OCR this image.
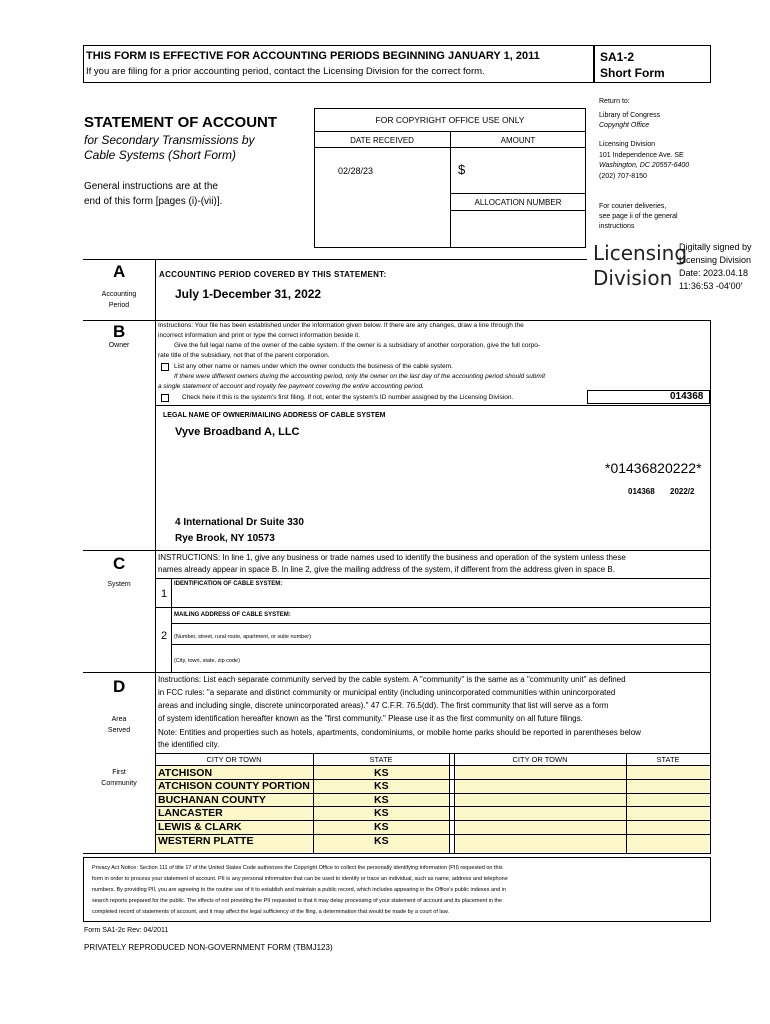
THIS FORM IS EFFECTIVE FOR ACCOUNTING PERIODS BEGINNING JANUARY 1, 2011
If you are filing for a prior accounting period, contact the Licensing Division for the correct form.
SA1-2
Short Form
STATEMENT OF ACCOUNT
for Secondary Transmissions by
Cable Systems (Short Form)
General instructions are at the
end of this form [pages (i)-(vii)].
FOR COPYRIGHT OFFICE USE ONLY
DATE RECEIVED	AMOUNT
02/28/23	$
ALLOCATION NUMBER
Return to:
Library of Congress
Copyright Office
Licensing Division
101 Independence Ave. SE
Washington, DC 20557-6400
(202) 707-8150
For courier deliveries,
see page ii of the general
instructions
Licensing
Division
Digitally signed by
Licensing Division
Date: 2023.04.18
11:36:53 -04'00'
A
Accounting
Period
ACCOUNTING PERIOD COVERED BY THIS STATEMENT:
July 1-December 31, 2022
B
Owner
Instructions: Your file has been established under the information given below. If there are any changes, draw a line through the
incorrect information and print or type the correct information beside it.
Give the full legal name of the owner of the cable system. If the owner is a subsidiary of another corporation, give the full corpo-
rate title of the subsidiary, not that of the parent corporation.
List any other name or names under which the owner conducts the business of the cable system.
If there were different owners during the accounting period, only the owner on the last day of the accounting period should submit
a single statement of account and royalty fee payment covering the entire accounting period.
Check here if this is the system's first filing. If not, enter the system's ID number assigned by the Licensing Division.	014368
LEGAL NAME OF OWNER/MAILING ADDRESS OF CABLE SYSTEM
Vyve Broadband A, LLC
*01436820222*
014368 2022/2
4 International Dr Suite 330
Rye Brook, NY 10573
C
System
INSTRUCTIONS: In line 1, give any business or trade names used to identify the business and operation of the system unless these
names already appear in space B. In line 2, give the mailing address of the system, if different from the address given in space B.
1
IDENTIFICATION OF CABLE SYSTEM:
MAILING ADDRESS OF CABLE SYSTEM:
2 (Number, street, rural route, apartment, or suite number)
(City, town, state, zip code)
D
Area
Served
First
Community
Instructions: List each separate community served by the cable system. A "community" is the same as a "community unit" as defined
in FCC rules: "a separate and distinct community or municipal entity (including unincorporated communities within unincorporated
areas and including single, discrete unincorporated areas)." 47 C.F.R. 76.5(dd). The first community that list will serve as a form
of system identification hereafter known as the "first community." Please use it as the first community on all future filings.
Note: Entities and properties such as hotels, apartments, condominiums, or mobile home parks should be reported in parentheses below
the identified city.
CITY OR TOWN	STATE	CITY OR TOWN	STATE
ATCHISON	KS
ATCHISON COUNTY PORTION	KS
BUCHANAN COUNTY	KS
LANCASTER	KS
LEWIS & CLARK	KS
WESTERN PLATTE	KS
Privacy Act Notice: Section 111 of title 17 of the United States Code authorizes the Copyright Office to collect the personally identifying information (PII) requested on this
form in order to process your statement of account. PII is any personal information that can be used to identify or trace an individual, such as name, address and telephone
numbers. By providing PII, you are agreeing to the routine use of it to establish and maintain a public record, which includes appearing in the Office's public indexes and in
search reports prepared for the public. The effects of not providing the PII requested is that it may delay processing of your statement of account and its placement in the
completed record of statements of account, and it may affect the legal sufficiency of the fling, a determination that would be made by a court of law.
Form SA1-2c Rev: 04/2011
PRIVATELY REPRODUCED NON-GOVERNMENT FORM (TBMJ123)
